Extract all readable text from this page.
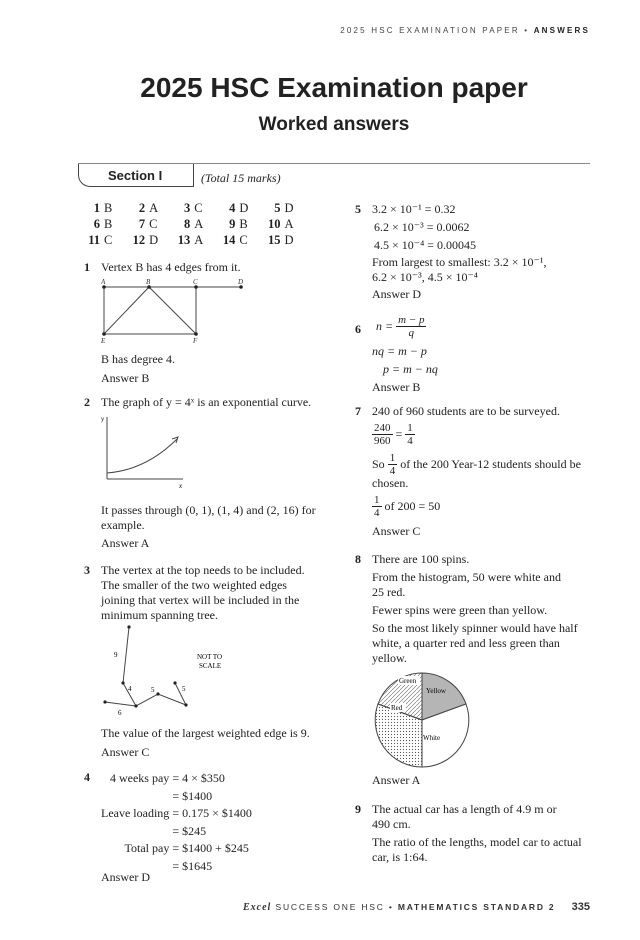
2025 HSC EXAMINATION PAPER • ANSWERS
2025 HSC Examination paper
Worked answers
Section I	(Total 15 marks)
1 B 2 A 3 C 4 D 5 D
6 B 7 C 8 A 9 B 10 A
11 C 12 D 13 A 14 C 15 D
1 Vertex B has 4 edges from it.

A	B	C	D
E	F

B has degree 4.

Answer B

2 The graph of y = 4ˣ is an exponential curve.

y
x

It passes through (0, 1), (1, 4) and (2, 16) for example.

Answer A

3 The vertex at the top needs to be included.

The smaller of the two weighted edges

joining that vertex will be included in the

minimum spanning tree.

9
4	5	5
6
NOT TO
SCALE

The value of the largest weighted edge is 9.

Answer C

4 4 weeks pay	= 4 × $350
	= $1400
Leave loading	= 0.175 × $1400
	= $245
Total pay	= $1400 + $245
	= $1645

Answer D

5 3.2 × 10⁻¹ = 0.32

6.2 × 10⁻³ = 0.0062

4.5 × 10⁻⁴ = 0.00045

From largest to smallest: 3.2 × 10⁻¹,

6.2 × 10⁻³, 4.5 × 10⁻⁴

Answer D

6	$n = \frac{m - p}{q}$

nq = m − p

p = m − nq

Answer B

7 240 of 960 students are to be surveyed.

$\frac{240}{960} = \frac{1}{4}$
So $\frac{1}{4}$ of the 200 Year-12 students should be

chosen.

$\frac{1}{4}$ of 200 = 50

Answer C

8 There are 100 spins.

From the histogram, 50 were white and

25 red.

Fewer spins were green than yellow.

So the most likely spinner would have half

white, a quarter red and less green than

yellow.

Green
Yellow
Red
White

Answer A

9 The actual car has a length of 4.9 m or

490 cm.

The ratio of the lengths, model car to actual

car, is 1:64.

Excel SUCCESS ONE HSC • MATHEMATICS STANDARD 2 335
